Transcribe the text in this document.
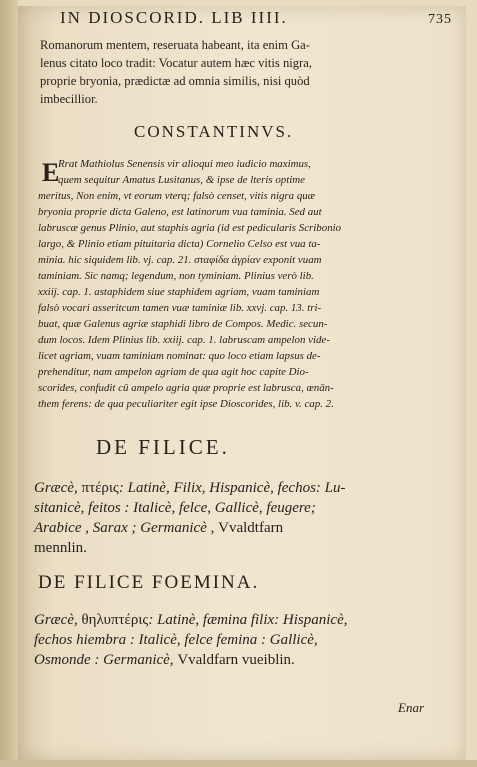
IN DIOSCORID. LIB IIII.	735
Romanorum mentem, reseruata habeant, ita enim Ga-
lenus citato loco tradit: Vocatur autem hæc vitis nigra,
proprie bryonia, prædictæ ad omnia similis, nisi quòd
imbecillior.
CONSTANTINVS.
E
Rrat Mathiolus Senensis vir alioqui meo iudicio maximus,
quem sequitur Amatus Lusitanus, & ipse de lteris optime
meritus, Non enim, vt eorum vterq; falsò censet, vitis nigra quæ
bryonia proprie dicta Galeno, est latinorum vua taminia. Sed aut
labruscæ genus Plinio, aut staphis agria (id est pedicularis Scribonio
largo, & Plinio etiam pituitaria dicta) Cornelio Celso est vua ta-
minia. hic siquidem lib. vj. cap. 21. σταφίδα ἀγρίαν exponit vuam
taminiam. Sic namq; legendum, non tyminiam. Plinius verò lib.
xxiij. cap. 1. astaphidem siue staphidem agriam, vuam taminiam
falsò vocari asseritcum tamen vuæ taminiæ lib. xxvj. cap. 13. tri-
buat, quæ Galenus agriæ staphidi libro de Compos. Medic. secun-
dum locos. Idem Plinius lib. xxiij. cap. 1. labruscam ampelon vide-
licet agriam, vuam taminiam nominat: quo loco etiam lapsus de-
prehenditur, nam ampelon agriam de qua agit hoc capite Dio-
scorides, confudit cū ampelo agria quæ proprie est labrusca, œnān-
them ferens: de qua peculiariter egit ipse Dioscorides, lib. v. cap. 2.
DE FILICE.
Græcè, πτέρις: Latinè, Filix, Hispanicè, fechos: Lu-
sitanicè, feitos : Italicè, felce, Gallicè, feugere;
Arabice , Sarax ; Germanicè , Vvaldtfarn
mennlin.
DE FILICE FOEMINA.
Græcè, θηλυπτέρις: Latinè, fæmina filix: Hispanicè,
fechos hiembra : Italicè, felce femina : Gallicè,
Osmonde : Germanicè, Vvaldfarn vueiblin.
Enar
